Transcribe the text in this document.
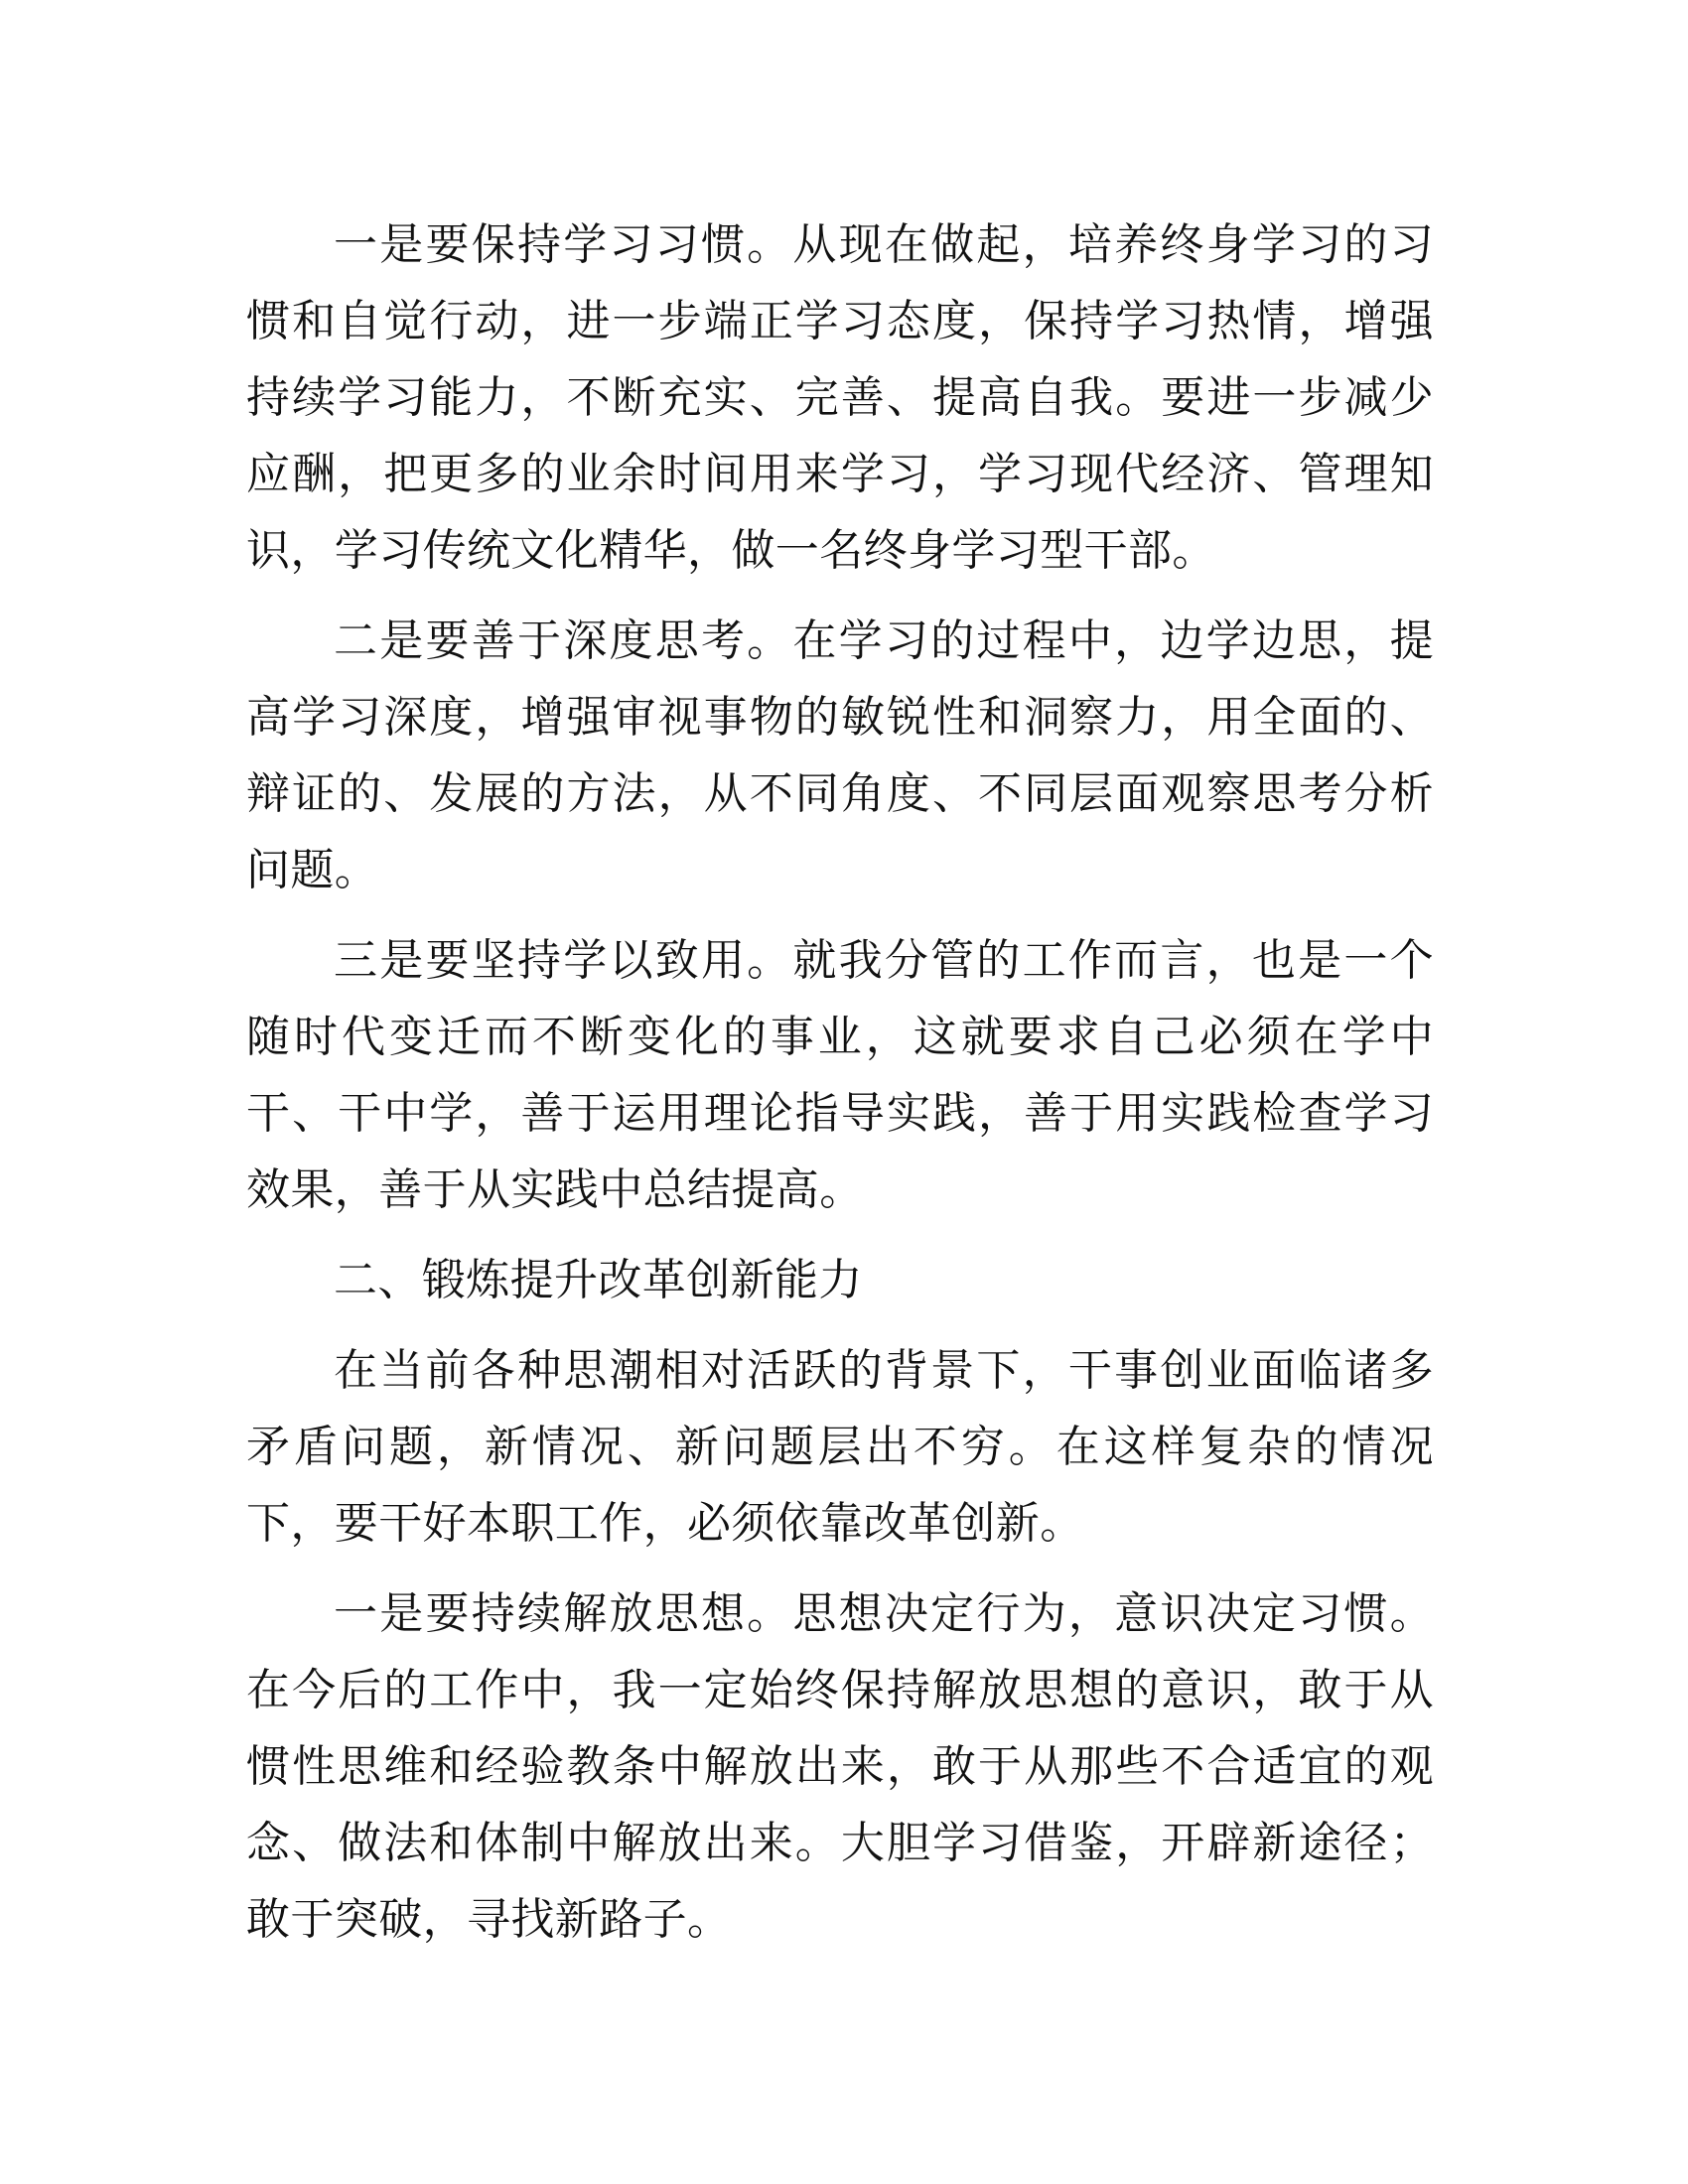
一是要保持学习习惯。从现在做起，培养终身学习的习惯和自觉行动，进一步端正学习态度，保持学习热情，增强持续学习能力，不断充实、完善、提高自我。要进一步减少应酬，把更多的业余时间用来学习，学习现代经济、管理知识，学习传统文化精华，做一名终身学习型干部。

二是要善于深度思考。在学习的过程中，边学边思，提高学习深度，增强审视事物的敏锐性和洞察力，用全面的、辩证的、发展的方法，从不同角度、不同层面观察思考分析问题。

三是要坚持学以致用。就我分管的工作而言，也是一个随时代变迁而不断变化的事业，这就要求自己必须在学中干、干中学，善于运用理论指导实践，善于用实践检查学习效果，善于从实践中总结提高。

二、锻炼提升改革创新能力

在当前各种思潮相对活跃的背景下，干事创业面临诸多矛盾问题，新情况、新问题层出不穷。在这样复杂的情况下，要干好本职工作，必须依靠改革创新。

一是要持续解放思想。思想决定行为，意识决定习惯。在今后的工作中，我一定始终保持解放思想的意识，敢于从惯性思维和经验教条中解放出来，敢于从那些不合适宜的观念、做法和体制中解放出来。大胆学习借鉴，开辟新途径；敢于突破，寻找新路子。
